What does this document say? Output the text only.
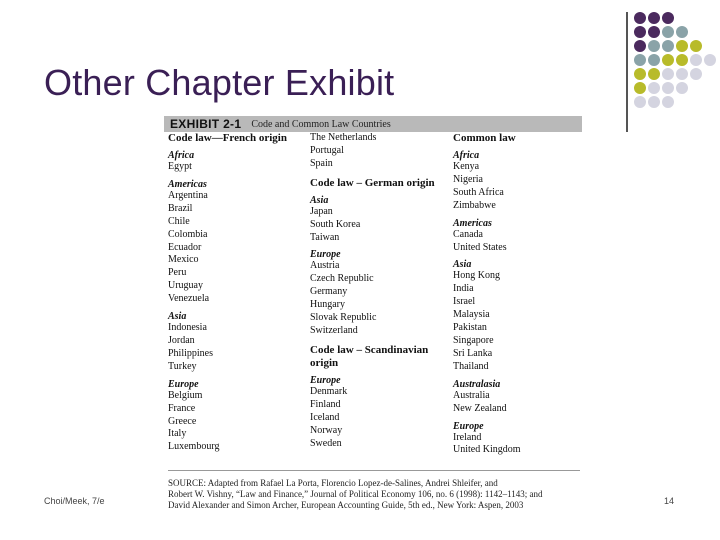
Other Chapter Exhibit
EXHIBIT 2-1 Code and Common Law Countries
Code law—French origin
Africa
Egypt
Americas
Argentina
Brazil
Chile
Colombia
Ecuador
Mexico
Peru
Uruguay
Venezuela
Asia
Indonesia
Jordan
Philippines
Turkey
Europe
Belgium
France
Greece
Italy
Luxembourg
The Netherlands
Portugal
Spain
Code law – German origin
Asia
Japan
South Korea
Taiwan
Europe
Austria
Czech Republic
Germany
Hungary
Slovak Republic
Switzerland
Code law – Scandinavian origin
Europe
Denmark
Finland
Iceland
Norway
Sweden
Common law
Africa
Kenya
Nigeria
South Africa
Zimbabwe
Americas
Canada
United States
Asia
Hong Kong
India
Israel
Malaysia
Pakistan
Singapore
Sri Lanka
Thailand
Australasia
Australia
New Zealand
Europe
Ireland
United Kingdom
SOURCE: Adapted from Rafael La Porta, Florencio Lopez-de-Salines, Andrei Shleifer, and
Robert W. Vishny, “Law and Finance,” Journal of Political Economy 106, no. 6 (1998): 1142–1143; and
David Alexander and Simon Archer, European Accounting Guide, 5th ed., New York: Aspen, 2003
Choi/Meek, 7/e	14
